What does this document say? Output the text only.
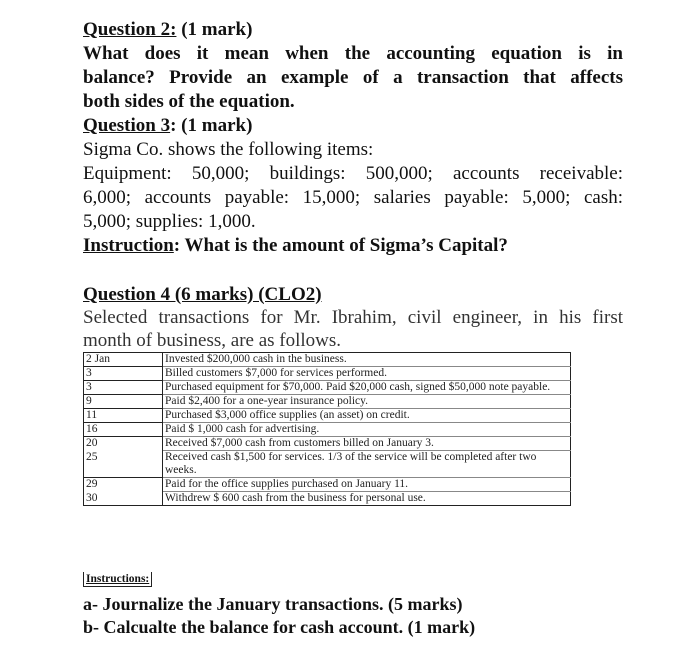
Question 2: (1 mark)
What does it mean when the accounting equation is in
balance? Provide an example of a transaction that affects
both sides of the equation.
Question 3: (1 mark)
Sigma Co. shows the following items:
Equipment: 50,000; buildings: 500,000; accounts receivable:
6,000; accounts payable: 15,000; salaries payable: 5,000; cash:
5,000; supplies: 1,000.
Instruction: What is the amount of Sigma’s Capital?
Question 4 (6 marks) (CLO2)
Selected transactions for Mr. Ibrahim, civil engineer, in his first
month of business, are as follows.
2 Jan	Invested $200,000 cash in the business.
3	Billed customers $7,000 for services performed.
3	Purchased equipment for $70,000. Paid $20,000 cash, signed $50,000 note payable.
9	Paid $2,400 for a one-year insurance policy.
11	Purchased $3,000 office supplies (an asset) on credit.
16	Paid $ 1,000 cash for advertising.
20	Received $7,000 cash from customers billed on January 3.
25	Received cash $1,500 for services. 1/3 of the service will be completed after two weeks.
29	Paid for the office supplies purchased on January 11.
30	Withdrew $ 600 cash from the business for personal use.
Instructions:
a- Journalize the January transactions. (5 marks)
b- Calcualte the balance for cash account. (1 mark)
